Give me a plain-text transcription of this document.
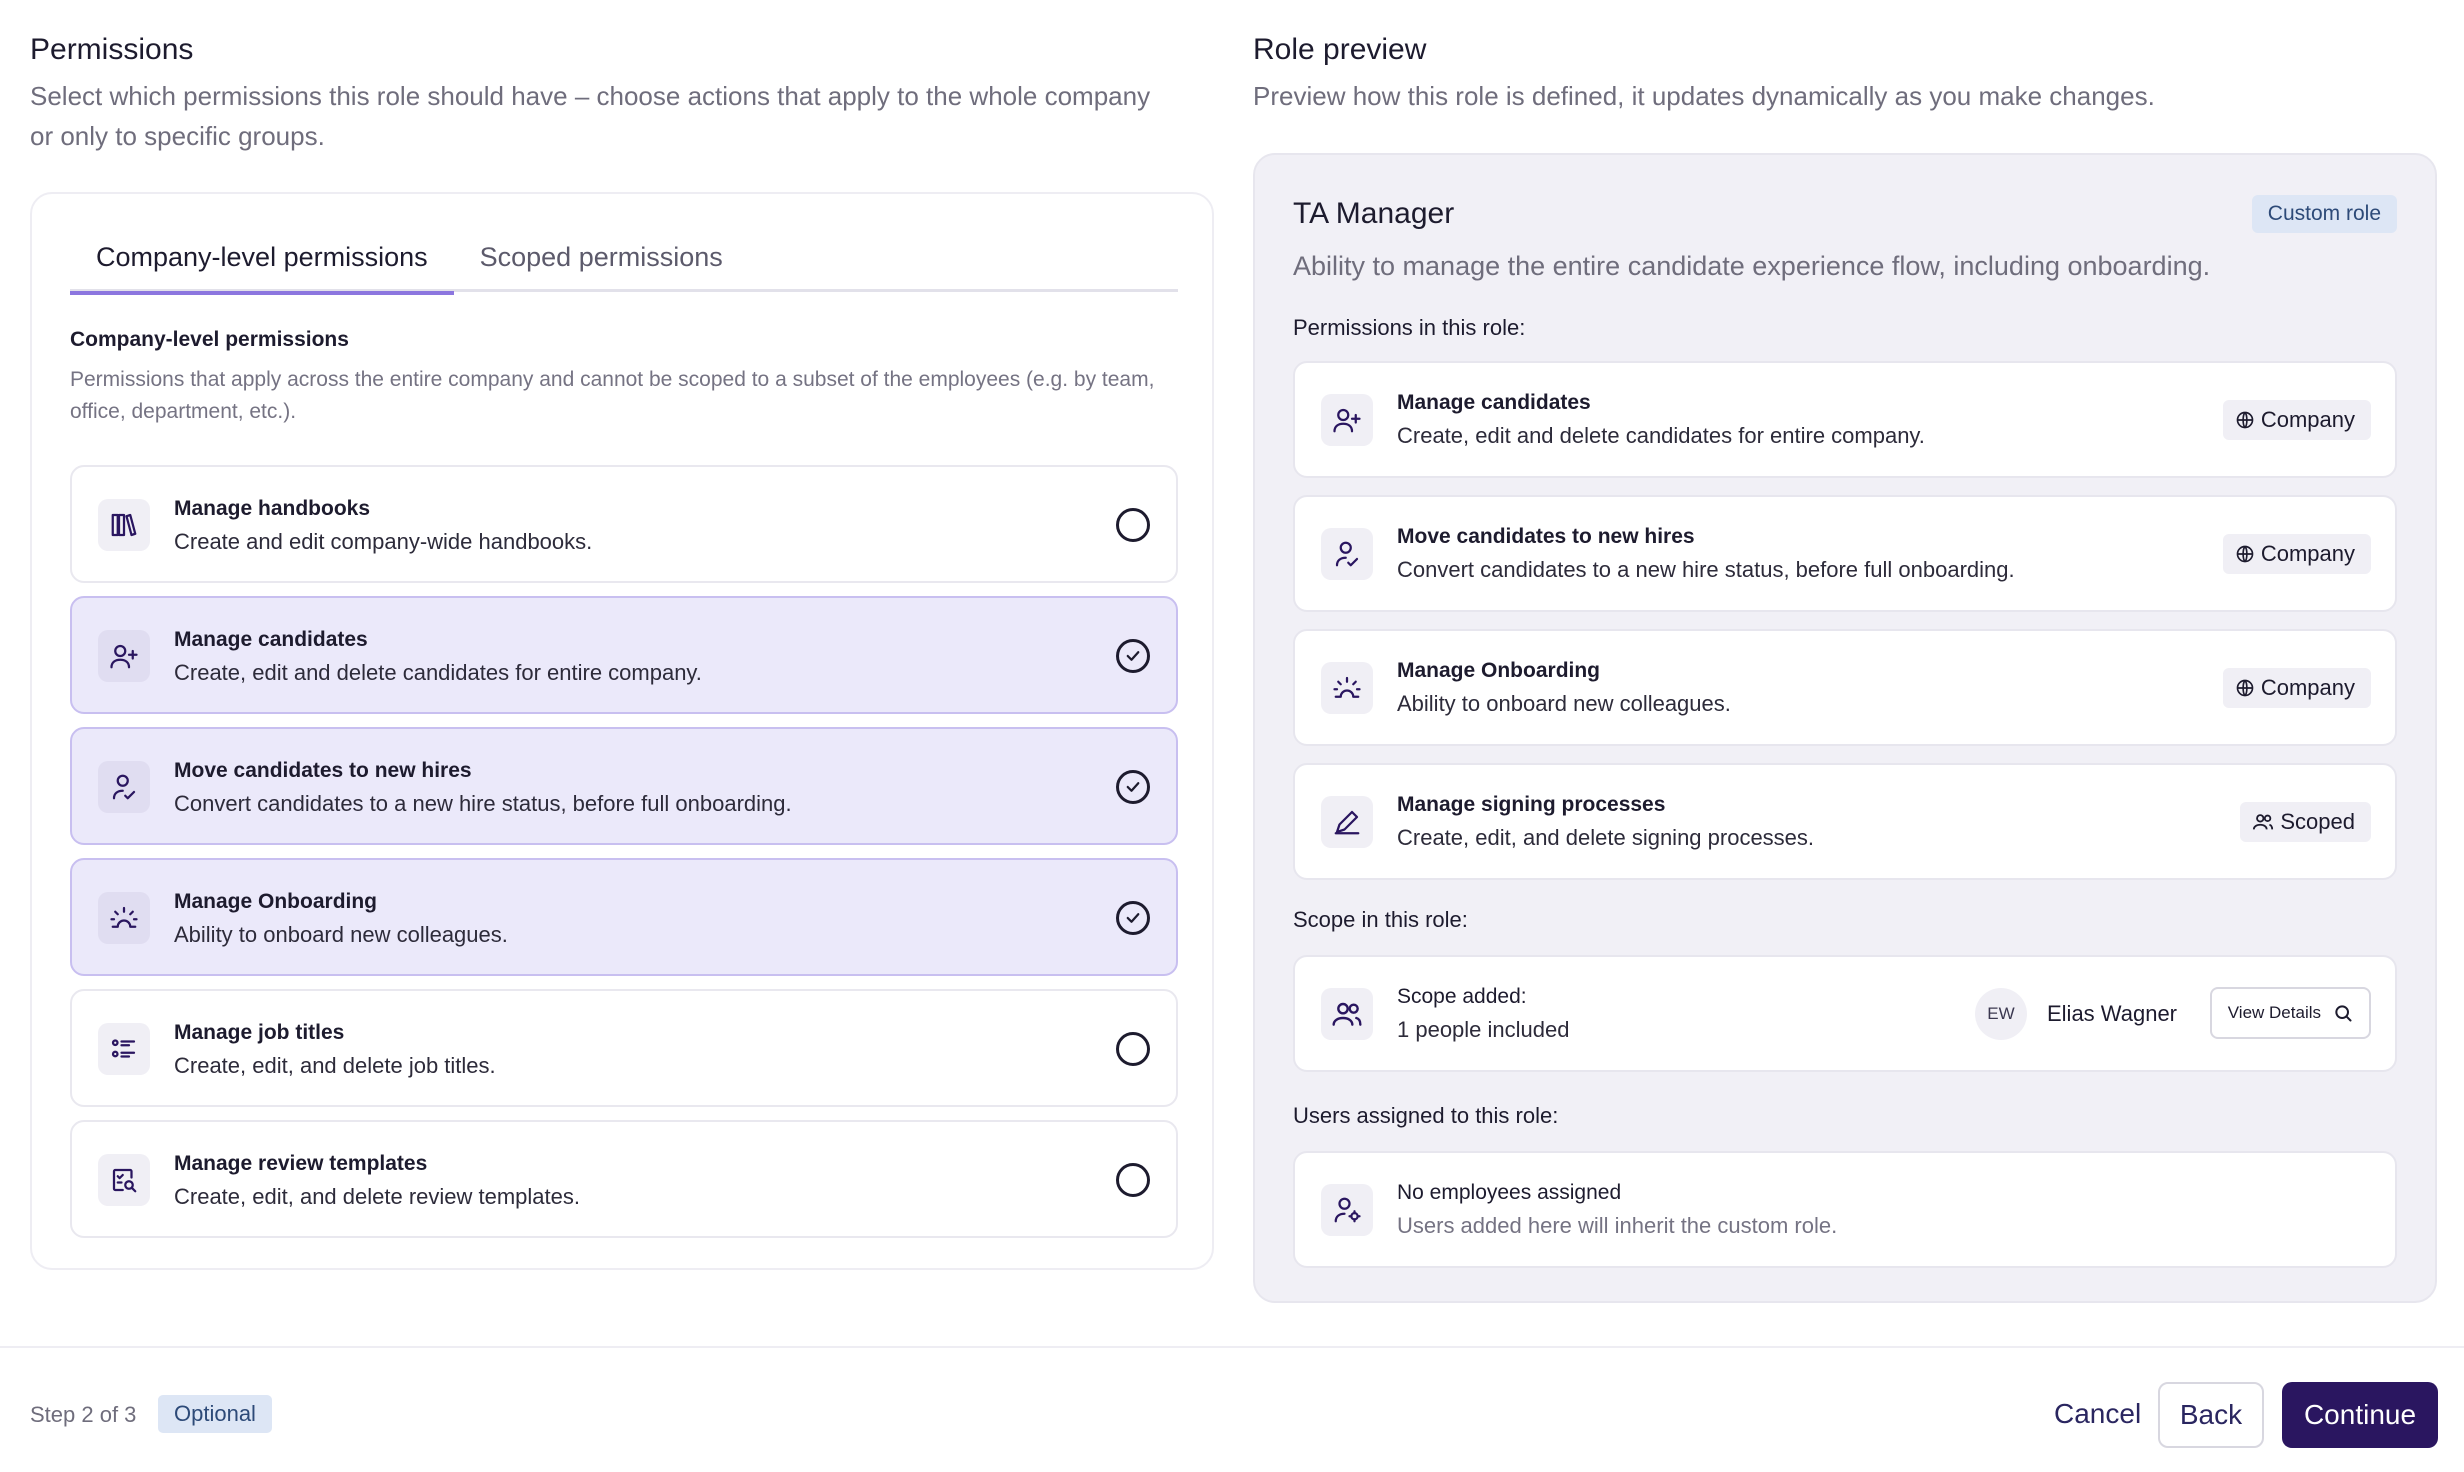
Permissions
Select which permissions this role should have – choose actions that apply to the whole company
or only to specific groups.
Company-level permissions	Scoped permissions
Company-level permissions
Permissions that apply across the entire company and cannot be scoped to a subset of the employees (e.g. by team, office, department, etc.).
Manage handbooks
Create and edit company-wide handbooks.
Manage candidates
Create, edit and delete candidates for entire company.
Move candidates to new hires
Convert candidates to a new hire status, before full onboarding.
Manage Onboarding
Ability to onboard new colleagues.
Manage job titles
Create, edit, and delete job titles.
Manage review templates
Create, edit, and delete review templates.
Role preview
Preview how this role is defined, it updates dynamically as you make changes.
TA Manager	Custom role
Ability to manage the entire candidate experience flow, including onboarding.
Permissions in this role:
Manage candidates
Create, edit and delete candidates for entire company.
Company
Move candidates to new hires
Convert candidates to a new hire status, before full onboarding.
Company
Manage Onboarding
Ability to onboard new colleagues.
Company
Manage signing processes
Create, edit, and delete signing processes.
Scoped
Scope in this role:
Scope added:
1 people included
EW	Elias Wagner	View Details
Users assigned to this role:
No employees assigned
Users added here will inherit the custom role.
Step 2 of 3	Optional	Cancel	Back	Continue
